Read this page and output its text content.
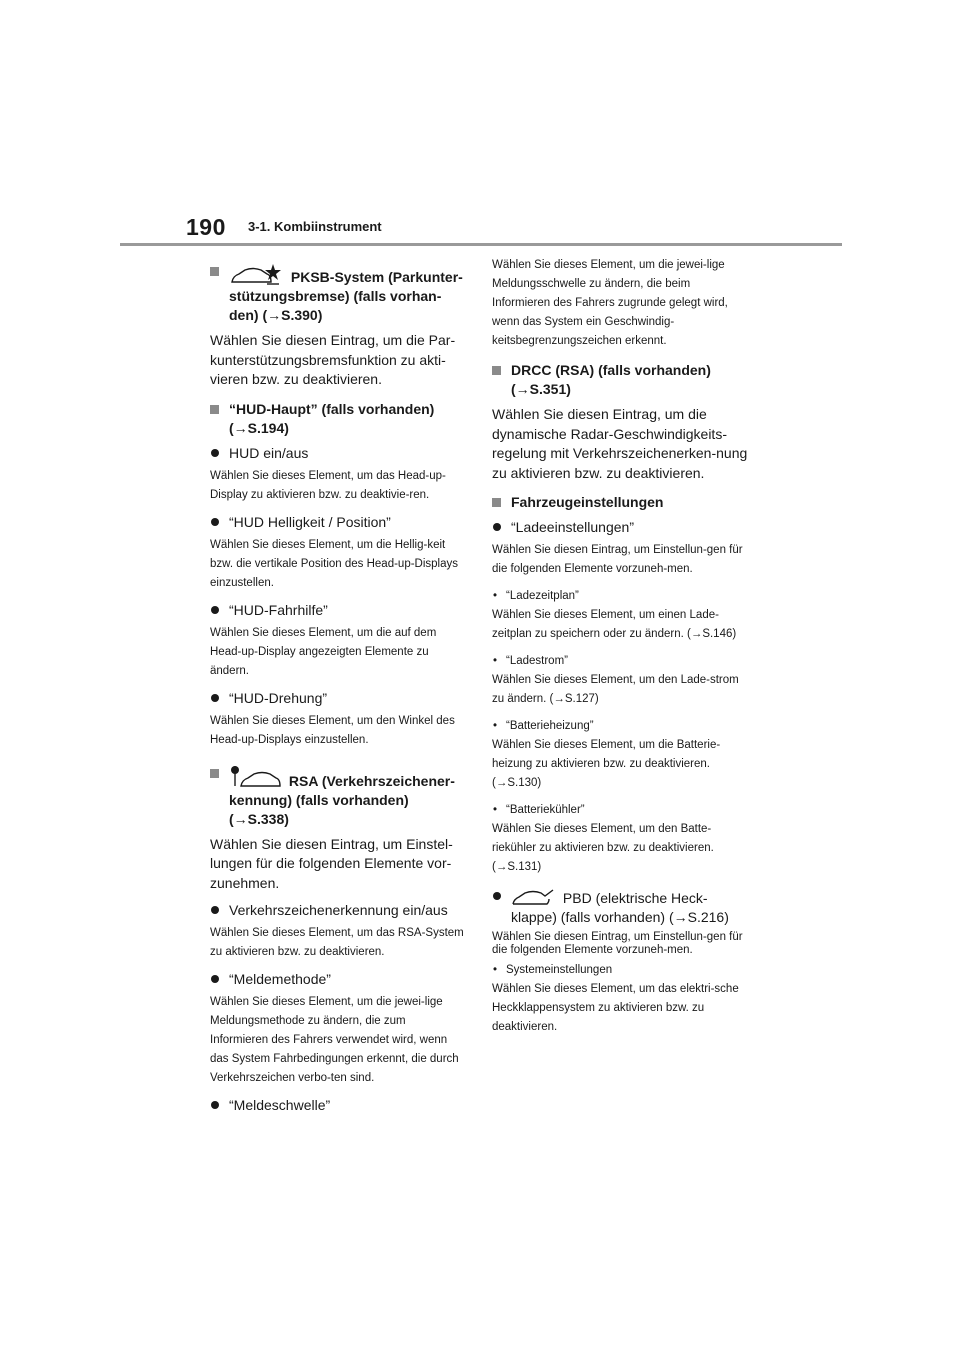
190 3-1. Kombiinstrument
PKSB-System (Parkunter-stützungsbremse) (falls vorhan-den) (→S.390)
Wählen Sie diesen Eintrag, um die Par-kunterstützungsbremsfunktion zu akti-vieren bzw. zu deaktivieren.
“HUD-Haupt” (falls vorhanden) (→S.194)
HUD ein/aus
Wählen Sie dieses Element, um das Head-up-Display zu aktivieren bzw. zu deaktivie-ren.
“HUD Helligkeit / Position”
Wählen Sie dieses Element, um die Hellig-keit bzw. die vertikale Position des Head-up-Displays einzustellen.
“HUD-Fahrhilfe”
Wählen Sie dieses Element, um die auf dem Head-up-Display angezeigten Elemente zu ändern.
“HUD-Drehung”
Wählen Sie dieses Element, um den Winkel des Head-up-Displays einzustellen.
RSA (Verkehrszeichener-kennung) (falls vorhanden) (→S.338)
Wählen Sie diesen Eintrag, um Einstel-lungen für die folgenden Elemente vor-zunehmen.
Verkehrszeichenerkennung ein/aus
Wählen Sie dieses Element, um das RSA-System zu aktivieren bzw. zu deaktivieren.
“Meldemethode”
Wählen Sie dieses Element, um die jewei-lige Meldungsmethode zu ändern, die zum Informieren des Fahrers verwendet wird, wenn das System Fahrbedingungen erkennt, die durch Verkehrszeichen verbo-ten sind.
“Meldeschwelle”
Wählen Sie dieses Element, um die jewei-lige Meldungsschwelle zu ändern, die beim Informieren des Fahrers zugrunde gelegt wird, wenn das System ein Geschwindig-keitsbegrenzungszeichen erkennt.
DRCC (RSA) (falls vorhanden) (→S.351)
Wählen Sie diesen Eintrag, um die dynamische Radar-Geschwindigkeits-regelung mit Verkehrszeichenerken-nung zu aktivieren bzw. zu deaktivieren.
Fahrzeugeinstellungen
“Ladeeinstellungen”
Wählen Sie diesen Eintrag, um Einstellun-gen für die folgenden Elemente vorzuneh-men.
• “Ladezeitplan”
Wählen Sie dieses Element, um einen Lade-zeitplan zu speichern oder zu ändern. (→S.146)
• “Ladestrom”
Wählen Sie dieses Element, um den Lade-strom zu ändern. (→S.127)
• “Batterieheizung”
Wählen Sie dieses Element, um die Batterie-heizung zu aktivieren bzw. zu deaktivieren. (→S.130)
• “Batteriekühler”
Wählen Sie dieses Element, um den Batte-riekühler zu aktivieren bzw. zu deaktivieren. (→S.131)
PBD (elektrische Heck-klappe) (falls vorhanden) (→S.216)
Wählen Sie diesen Eintrag, um Einstellun-gen für die folgenden Elemente vorzuneh-men.
• Systemeinstellungen
Wählen Sie dieses Element, um das elektri-sche Heckklappensystem zu aktivieren bzw. zu deaktivieren.
